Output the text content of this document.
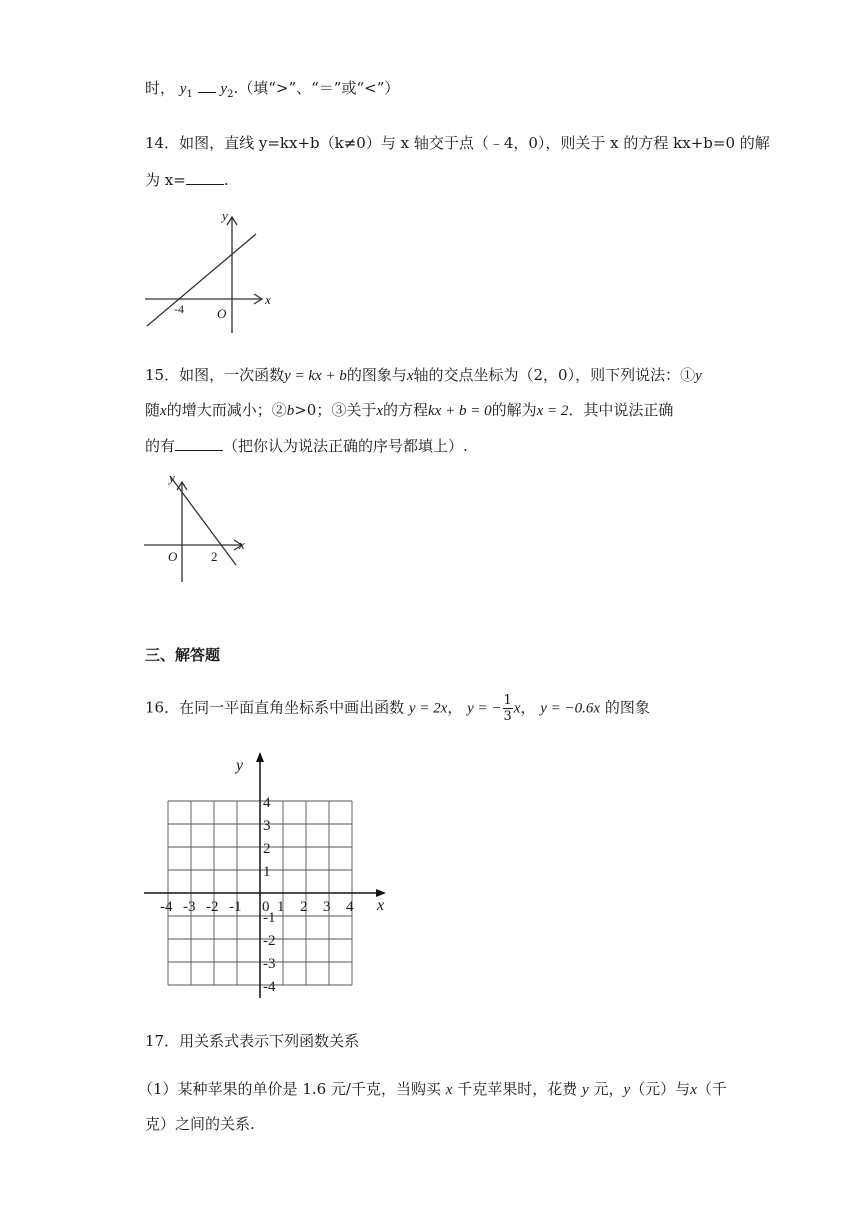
时， $y_1$ $y_2$.（填“>”、“＝”或“<”）
14．如图，直线 y=kx+b（k≠0）与 x 轴交于点（﹣4，0），则关于 x 的方程 kx+b=0 的解
为 x=	.
y
x
O
-4
15．如图，一次函数y = kx + b的图象与x轴的交点坐标为（2，0），则下列说法：①y
随x的增大而减小；②b>0；③关于x的方程kx + b = 0的解为x = 2．其中说法正确
的有	（把你认为说法正确的序号都填上）.
y
x
O	2
三、解答题
16．在同一平面直角坐标系中画出函数 y = 2x， y = − $\frac{1}{3}$ x， y = −0.6x 的图象
y
x
-4 -3 -2 -1 0 1 2 3 4
4
3
2
1
-1
-2
-3
-4
17．用关系式表示下列函数关系
（1）某种苹果的单价是 1.6 元/千克，当购买 x 千克苹果时，花费 y 元，y（元）与x（千
克）之间的关系.
